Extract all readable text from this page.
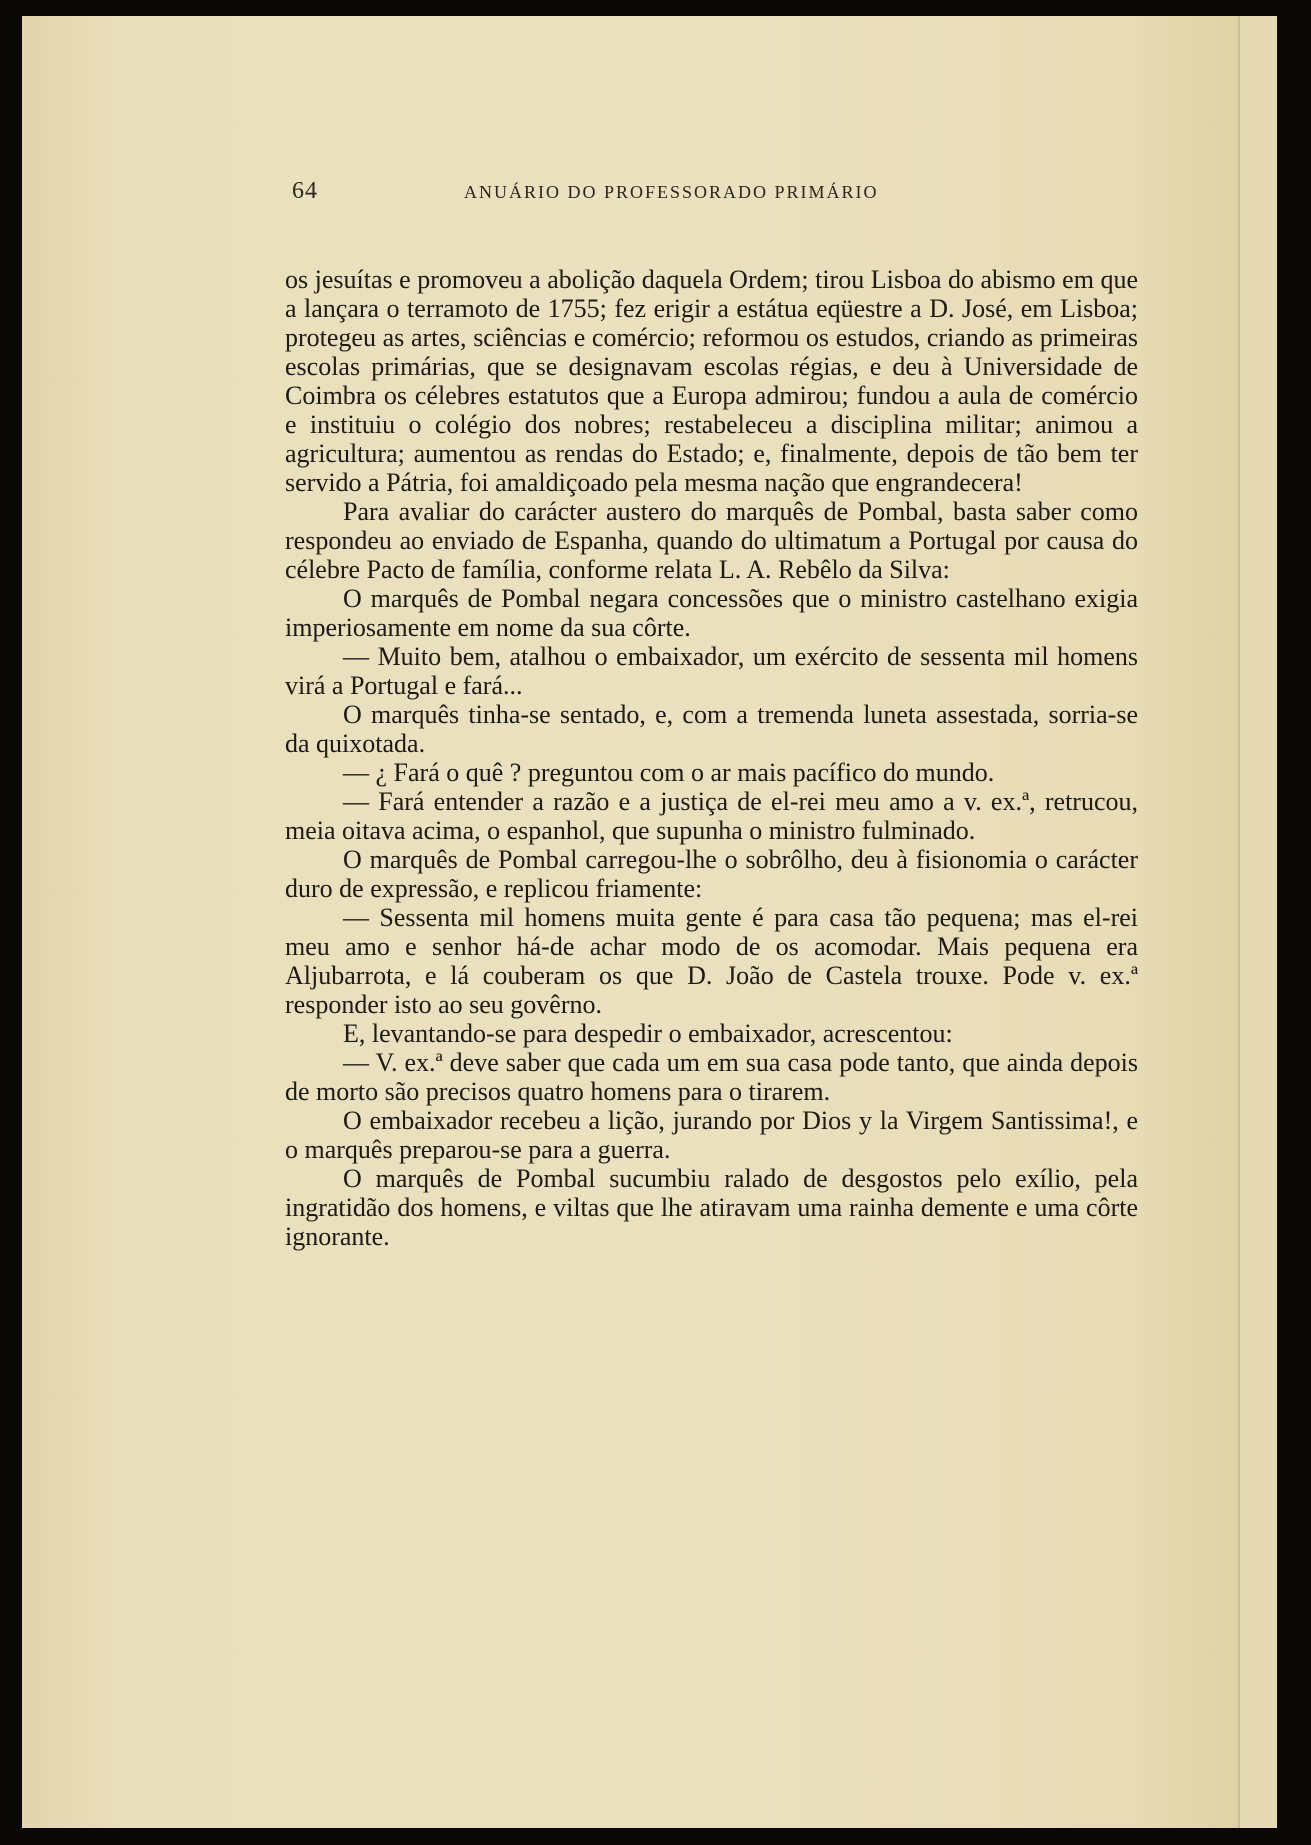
64	ANUÁRIO DO PROFESSORADO PRIMÁRIO

os jesuítas e promoveu a abolição daquela Ordem; tirou Lisboa do abismo em que a lançara o terramoto de 1755; fez erigir a estátua eqüestre a D. José, em Lisboa; protegeu as artes, sciências e comércio; reformou os estudos, criando as primeiras escolas primárias, que se designavam escolas régias, e deu à Universidade de Coimbra os célebres estatutos que a Europa admirou; fundou a aula de comércio e instituiu o colégio dos nobres; restabeleceu a disciplina militar; animou a agricultura; aumentou as rendas do Estado; e, finalmente, depois de tão bem ter servido a Pátria, foi amaldiçoado pela mesma nação que engrandecera!

Para avaliar do carácter austero do marquês de Pombal, basta saber como respondeu ao enviado de Espanha, quando do ultimatum a Portugal por causa do célebre Pacto de família, conforme relata L. A. Rebêlo da Silva:

O marquês de Pombal negara concessões que o ministro castelhano exigia imperiosamente em nome da sua côrte.

— Muito bem, atalhou o embaixador, um exército de sessenta mil homens virá a Portugal e fará...

O marquês tinha-se sentado, e, com a tremenda luneta assestada, sorria-se da quixotada.

— ¿ Fará o quê ? preguntou com o ar mais pacífico do mundo.

— Fará entender a razão e a justiça de el-rei meu amo a v. ex.ª, retrucou, meia oitava acima, o espanhol, que supunha o ministro fulminado.

O marquês de Pombal carregou-lhe o sobrôlho, deu à fisionomia o carácter duro de expressão, e replicou friamente:

— Sessenta mil homens muita gente é para casa tão pequena; mas el-rei meu amo e senhor há-de achar modo de os acomodar. Mais pequena era Aljubarrota, e lá couberam os que D. João de Castela trouxe. Pode v. ex.ª responder isto ao seu govêrno.

E, levantando-se para despedir o embaixador, acrescentou:

— V. ex.ª deve saber que cada um em sua casa pode tanto, que ainda depois de morto são precisos quatro homens para o tirarem.

O embaixador recebeu a lição, jurando por Dios y la Virgem Santissima!, e o marquês preparou-se para a guerra.

O marquês de Pombal sucumbiu ralado de desgostos pelo exílio, pela ingratidão dos homens, e viltas que lhe atiravam uma rainha demente e uma côrte ignorante.
